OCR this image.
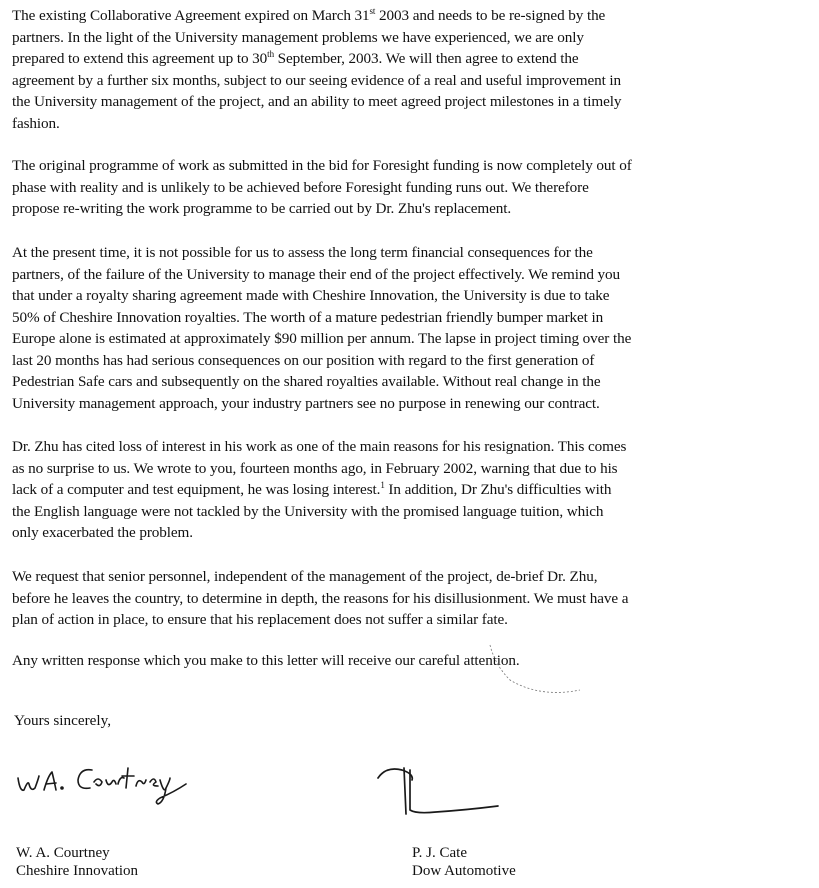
The existing Collaborative Agreement expired on March 31st 2003 and needs to be re-signed by the
partners. In the light of the University management problems we have experienced, we are only
prepared to extend this agreement up to 30th September, 2003. We will then agree to extend the
agreement by a further six months, subject to our seeing evidence of a real and useful improvement in
the University management of the project, and an ability to meet agreed project milestones in a timely
fashion.
The original programme of work as submitted in the bid for Foresight funding is now completely out of
phase with reality and is unlikely to be achieved before Foresight funding runs out. We therefore
propose re-writing the work programme to be carried out by Dr. Zhu's replacement.
At the present time, it is not possible for us to assess the long term financial consequences for the
partners, of the failure of the University to manage their end of the project effectively. We remind you
that under a royalty sharing agreement made with Cheshire Innovation, the University is due to take
50% of Cheshire Innovation royalties. The worth of a mature pedestrian friendly bumper market in
Europe alone is estimated at approximately $90 million per annum. The lapse in project timing over the
last 20 months has had serious consequences on our position with regard to the first generation of
Pedestrian Safe cars and subsequently on the shared royalties available. Without real change in the
University management approach, your industry partners see no purpose in renewing our contract.
Dr. Zhu has cited loss of interest in his work as one of the main reasons for his resignation. This comes
as no surprise to us. We wrote to you, fourteen months ago, in February 2002, warning that due to his
lack of a computer and test equipment, he was losing interest.$^1$ In addition, Dr Zhu's difficulties with
the English language were not tackled by the University with the promised language tuition, which
only exacerbated the problem.
We request that senior personnel, independent of the management of the project, de-brief Dr. Zhu,
before he leaves the country, to determine in depth, the reasons for his disillusionment. We must have a
plan of action in place, to ensure that his replacement does not suffer a similar fate.
Any written response which you make to this letter will receive our careful attention.
Yours sincerely,
W. A. Courtney
Cheshire Innovation
P. J. Cate
Dow Automotive
